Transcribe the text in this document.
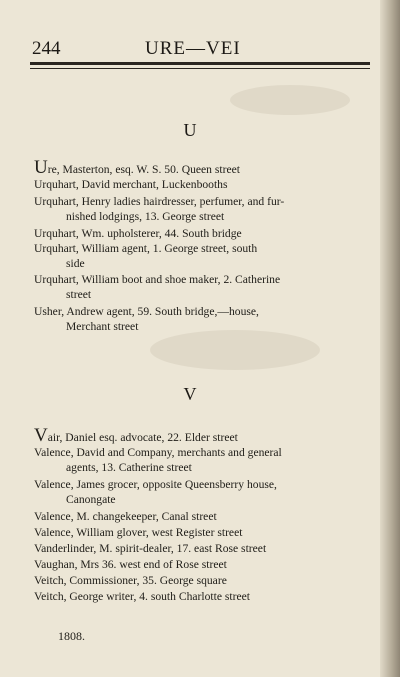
244	URE—VEI
U
Ure, Masterton, esq. W. S. 50. Queen street
Urquhart, David merchant, Luckenbooths
Urquhart, Henry ladies hairdresser, perfumer, and fur-
nished lodgings, 13. George street
Urquhart, Wm. upholsterer, 44. South bridge
Urquhart, William agent, 1. George street, south
side
Urquhart, William boot and shoe maker, 2. Catherine
street
Usher, Andrew agent, 59. South bridge,—house,
Merchant street
V
Vair, Daniel esq. advocate, 22. Elder street
Valence, David and Company, merchants and general
agents, 13. Catherine street
Valence, James grocer, opposite Queensberry house,
Canongate
Valence, M. changekeeper, Canal street
Valence, William glover, west Register street
Vanderlinder, M. spirit-dealer, 17. east Rose street
Vaughan, Mrs 36. west end of Rose street
Veitch, Commissioner, 35. George square
Veitch, George writer, 4. south Charlotte street
1808.
